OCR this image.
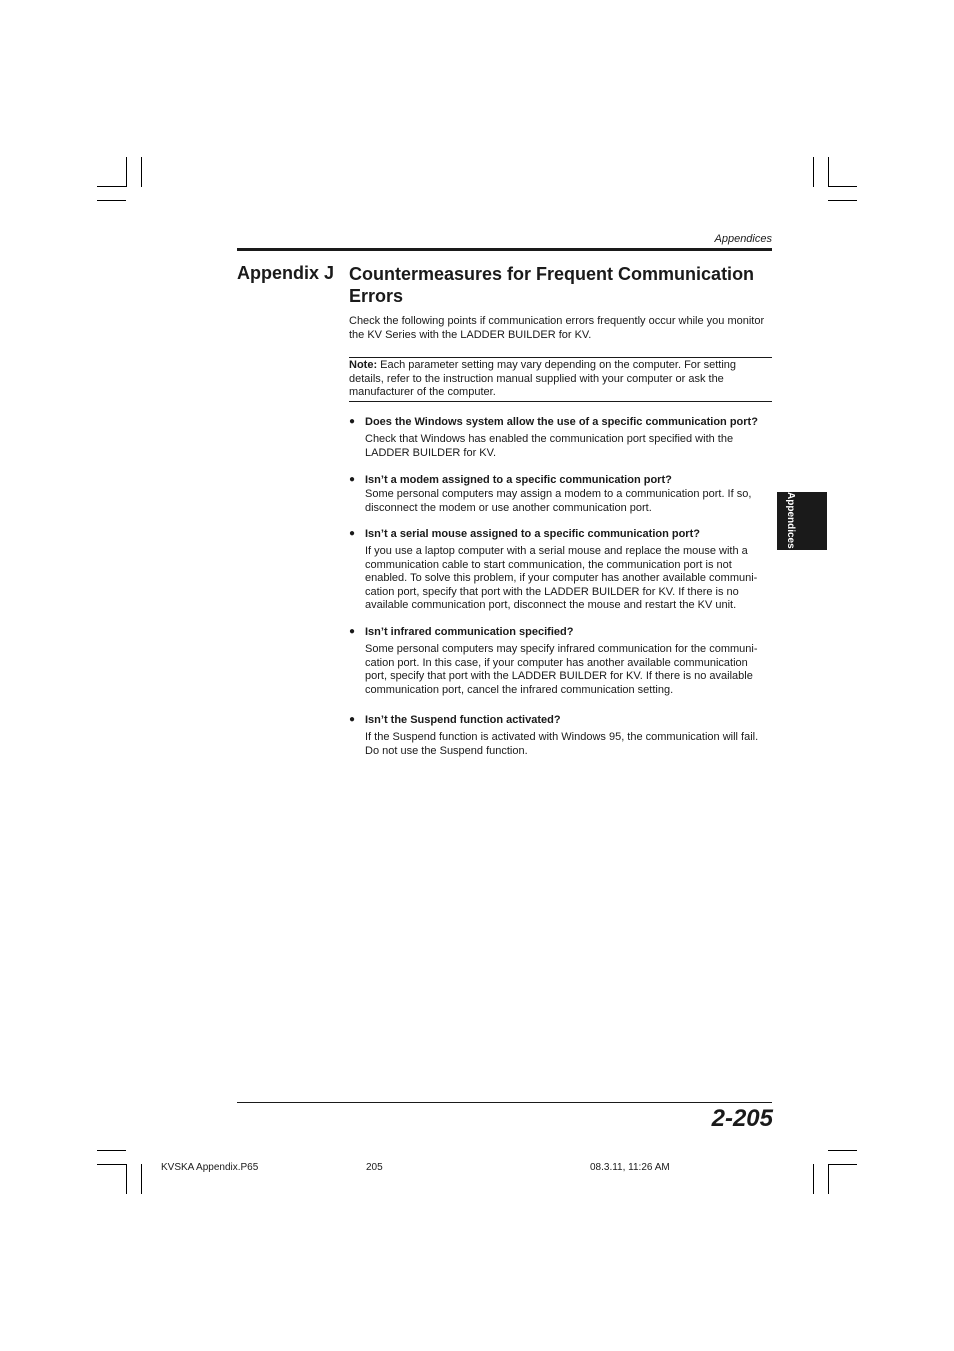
Appendices
Appendix J Countermeasures for Frequent Communication Errors
Check the following points if communication errors frequently occur while you monitor the KV Series with the LADDER BUILDER for KV.
Note: Each parameter setting may vary depending on the computer. For setting details, refer to the instruction manual supplied with your computer or ask the manufacturer of the computer.
● Does the Windows system allow the use of a specific communication port?
Check that Windows has enabled the communication port specified with the LADDER BUILDER for KV.
● Isn’t a modem assigned to a specific communication port?
Some personal computers may assign a modem to a communication port. If so, disconnect the modem or use another communication port.
● Isn’t a serial mouse assigned to a specific communication port?
If you use a laptop computer with a serial mouse and replace the mouse with a communication cable to start communication, the communication port is not enabled. To solve this problem, if your computer has another available communi-cation port, specify that port with the LADDER BUILDER for KV. If there is no available communication port, disconnect the mouse and restart the KV unit.
● Isn’t infrared communication specified?
Some personal computers may specify infrared communication for the communi-cation port. In this case, if your computer has another available communication port, specify that port with the LADDER BUILDER for KV. If there is no available communication port, cancel the infrared communication setting.
● Isn’t the Suspend function activated?
If the Suspend function is activated with Windows 95, the communication will fail. Do not use the Suspend function.
Appendices
2-205
KVSKA Appendix.P65	205	08.3.11, 11:26 AM
